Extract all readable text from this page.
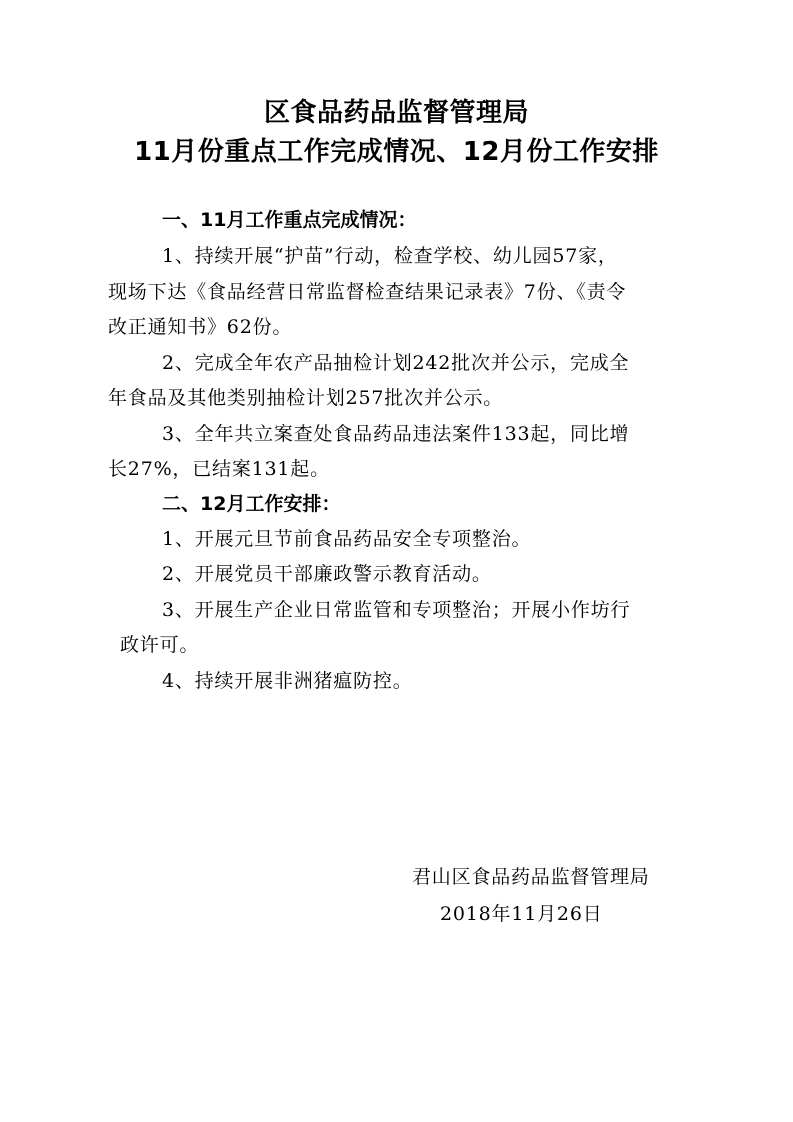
区食品药品监督管理局
11月份重点工作完成情况、12月份工作安排
一、11月工作重点完成情况：
1、持续开展“护苗”行动，检查学校、幼儿园57家，
现场下达《食品经营日常监督检查结果记录表》7份、《责令
改正通知书》62份。
2、完成全年农产品抽检计划242批次并公示，完成全
年食品及其他类别抽检计划257批次并公示。
3、全年共立案查处食品药品违法案件133起，同比增
长27%，已结案131起。
二、12月工作安排：
1、开展元旦节前食品药品安全专项整治。
2、开展党员干部廉政警示教育活动。
3、开展生产企业日常监管和专项整治；开展小作坊行
政许可。
4、持续开展非洲猪瘟防控。
君山区食品药品监督管理局
2018年11月26日
